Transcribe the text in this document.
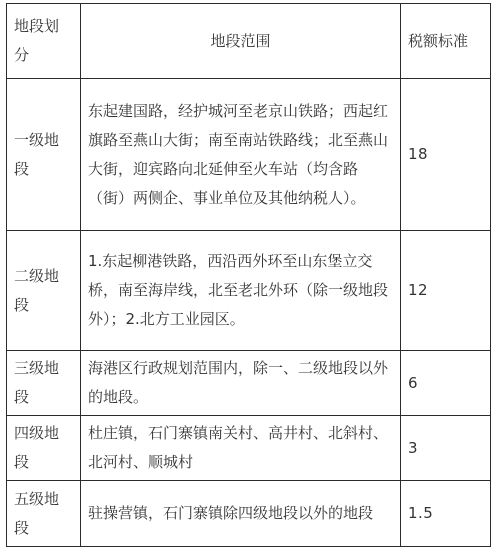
地段划分	地段范围	税额标准
一级地段	东起建国路，经护城河至老京山铁路；西起红旗路至燕山大街；南至南站铁路线；北至燕山大街，迎宾路向北延伸至火车站（均含路（街）两侧企、事业单位及其他纳税人）。	18
二级地段	1.东起柳港铁路，西沿西外环至山东堡立交桥，南至海岸线，北至老北外环（除一级地段外）；2.北方工业园区。	12
三级地段	海港区行政规划范围内，除一、二级地段以外的地段。	6
四级地段	杜庄镇，石门寨镇南关村、高井村、北斜村、北河村、顺城村	3
五级地段	驻操营镇，石门寨镇除四级地段以外的地段	1.5
